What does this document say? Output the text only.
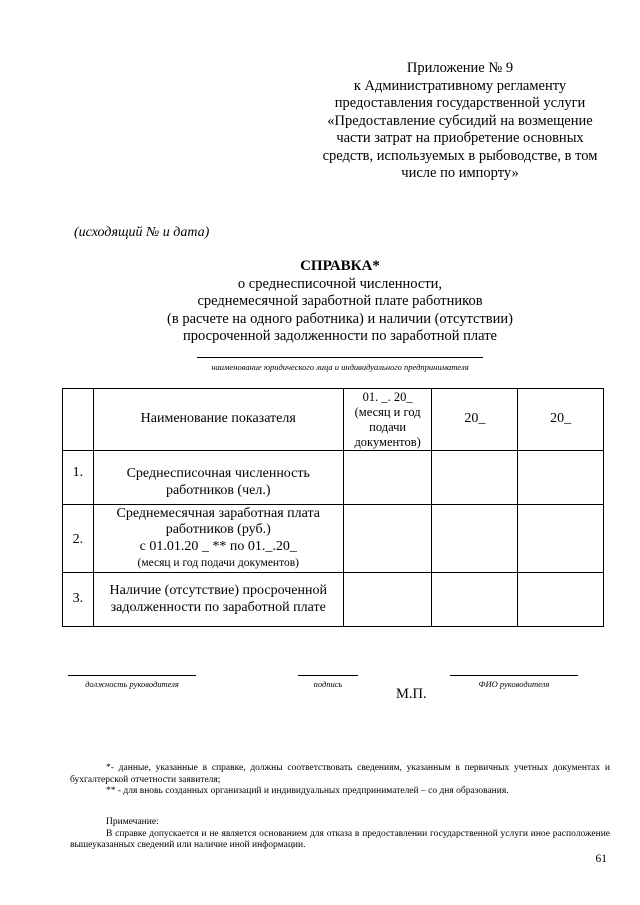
Приложение № 9
к Административному регламенту
предоставления государственной услуги
«Предоставление субсидий на возмещение
части затрат на приобретение основных
средств, используемых в рыбоводстве, в том
числе по импорту»
(исходящий № и дата)
СПРАВКА*
о среднесписочной численности,
среднемесячной заработной плате работников
(в расчете на одного работника) и наличии (отсутствии)
просроченной задолженности по заработной плате
наименование юридического лица и индивидуального предпринимателя
	Наименование показателя	01. _. 20_
(месяц и год
подачи
документов)	20_	20_
1.	Среднесписочная численность
работников (чел.)			

2.	Среднемесячная заработная плата
работников (руб.)
с 01.01.20 _ ** по 01._.20_
(месяц и год подачи документов)			

3.	Наличие (отсутствие) просроченной
задолженности по заработной плате			

должность руководителя	подпись	ФИО руководителя
М.П.

*- данные, указанные в справке, должны соответствовать сведениям, указанным в первичных учетных документах и бухгалтерской отчетности заявителя;

** - для вновь созданных организаций и индивидуальных предпринимателей – со дня образования.

Примечание:

В справке допускается и не является основанием для отказа в предоставлении государственной услуги иное расположение вышеуказанных сведений или наличие иной информации.

61
